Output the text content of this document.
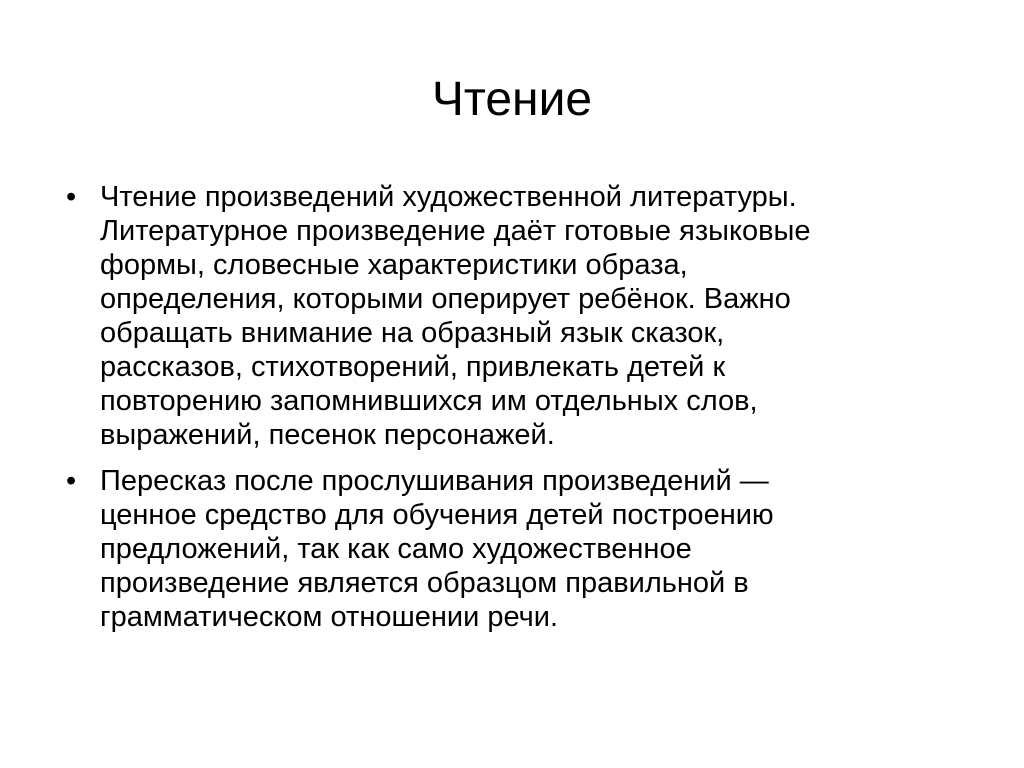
Чтение
• Чтение произведений художественной литературы.
Литературное произведение даёт готовые языковые
формы, словесные характеристики образа,
определения, которыми оперирует ребёнок. Важно
обращать внимание на образный язык сказок,
рассказов, стихотворений, привлекать детей к
повторению запомнившихся им отдельных слов,
выражений, песенок персонажей.
• Пересказ после прослушивания произведений —
ценное средство для обучения детей построению
предложений, так как само художественное
произведение является образцом правильной в
грамматическом отношении речи.
